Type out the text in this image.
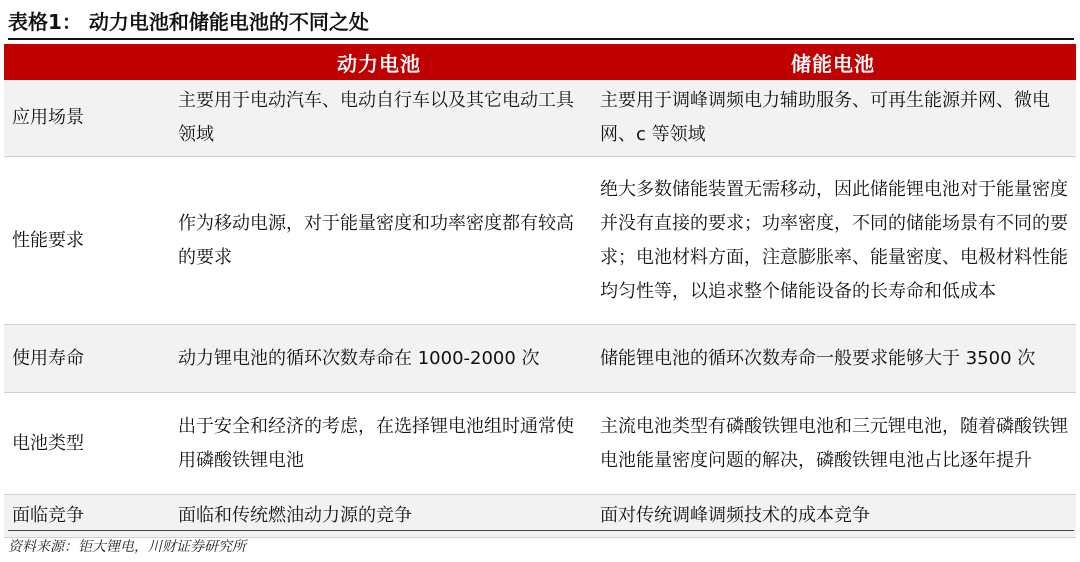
表格1： 动力电池和储能电池的不同之处
	动力电池	储能电池
应用场景	主要用于电动汽车、电动自行车以及其它电动工具领域	主要用于调峰调频电力辅助服务、可再生能源并网、微电网、c 等领域
性能要求	作为移动电源，对于能量密度和功率密度都有较高的要求	绝大多数储能装置无需移动，因此储能锂电池对于能量密度并没有直接的要求；功率密度，不同的储能场景有不同的要求；电池材料方面，注意膨胀率、能量密度、电极材料性能均匀性等，以追求整个储能设备的长寿命和低成本
使用寿命	动力锂电池的循环次数寿命在 1000-2000 次	储能锂电池的循环次数寿命一般要求能够大于 3500 次
电池类型	出于安全和经济的考虑，在选择锂电池组时通常使用磷酸铁锂电池	主流电池类型有磷酸铁锂电池和三元锂电池，随着磷酸铁锂电池能量密度问题的解决，磷酸铁锂电池占比逐年提升
面临竞争	面临和传统燃油动力源的竞争	面对传统调峰调频技术的成本竞争
资料来源：钜大锂电，川财证券研究所
